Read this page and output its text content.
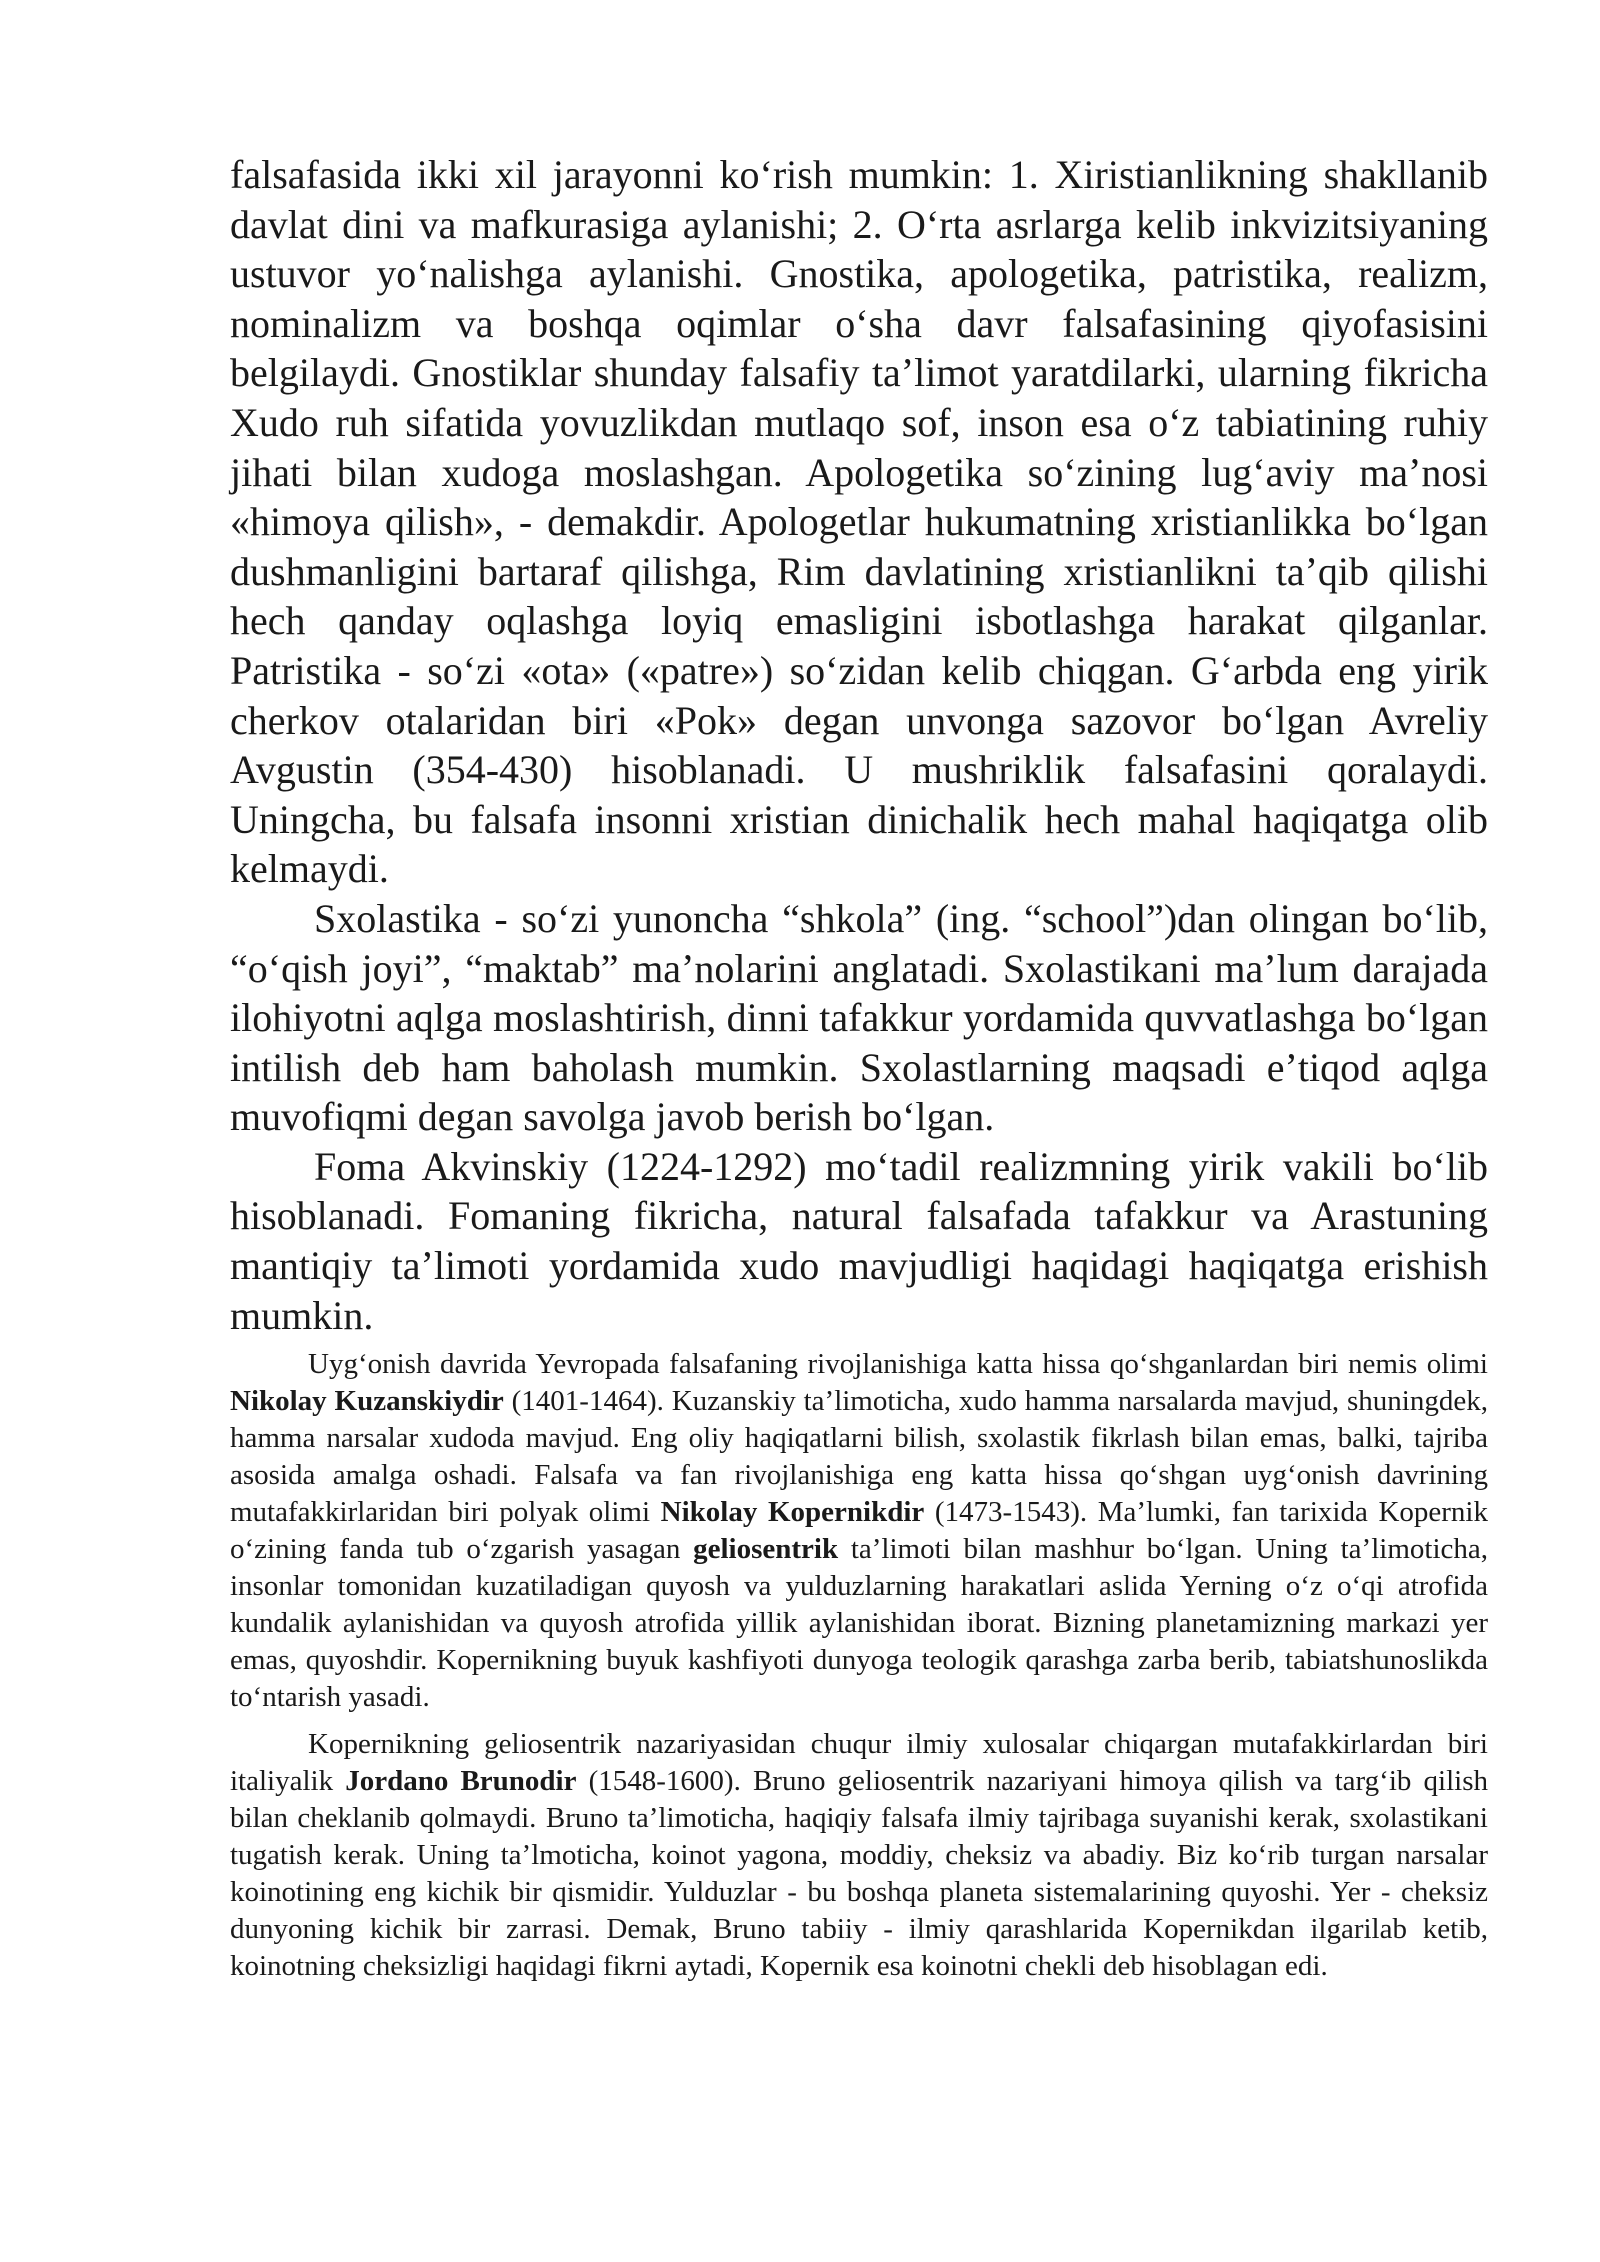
falsafasida ikki xil jarayonni koʻrish mumkin: 1. Xiristianlikning shakllanib davlat dini va mafkurasiga aylanishi; 2. Oʻrta asrlarga kelib inkvizitsiyaning ustuvor yoʻnalishga aylanishi. Gnostika, apologetika, patristika, realizm, nominalizm va boshqa oqimlar oʻsha davr falsafasining qiyofasisini belgilaydi. Gnostiklar shunday falsafiy taʼlimot yaratdilarki, ularning fikricha Xudo ruh sifatida yovuzlikdan mutlaqo sof, inson esa oʻz tabiatining ruhiy jihati bilan xudoga moslashgan. Apologetika soʻzining lugʻaviy maʼnosi «himoya qilish», - demakdir. Apologetlar hukumatning xristianlikka boʻlgan dushmanligini bartaraf qilishga, Rim davlatining xristianlikni taʼqib qilishi hech qanday oqlashga loyiq emasligini isbotlashga harakat qilganlar. Patristika - soʻzi «ota» («patre») soʻzidan kelib chiqgan. Gʻarbda eng yirik cherkov otalaridan biri «Pok» degan unvonga sazovor boʻlgan Avreliy Avgustin (354-430) hisoblanadi. U mushriklik falsafasini qoralaydi. Uningcha, bu falsafa insonni xristian dinichalik hech mahal haqiqatga olib kelmaydi.

Sxolastika - soʻzi yunoncha “shkola” (ing. “school”)dan olingan boʻlib, “oʻqish joyi”, “maktab” maʼnolarini anglatadi. Sxolastikani maʼlum darajada ilohiyotni aqlga moslashtirish, dinni tafakkur yordamida quvvatlashga boʻlgan intilish deb ham baholash mumkin. Sxolastlarning maqsadi eʼtiqod aqlga muvofiqmi degan savolga javob berish boʻlgan.

Foma Akvinskiy (1224-1292) moʻtadil realizmning yirik vakili boʻlib hisoblanadi. Fomaning fikricha, natural falsafada tafakkur va Arastuning mantiqiy taʼlimoti yordamida xudo mavjudligi haqidagi haqiqatga erishish mumkin.

Uygʻonish davrida Yevropada falsafaning rivojlanishiga katta hissa qoʻshganlardan biri nemis olimi Nikolay Kuzanskiydir (1401-1464). Kuzanskiy taʼlimoticha, xudo hamma narsalarda mavjud, shuningdek, hamma narsalar xudoda mavjud. Eng oliy haqiqatlarni bilish, sxolastik fikrlash bilan emas, balki, tajriba asosida amalga oshadi. Falsafa va fan rivojlanishiga eng katta hissa qoʻshgan uygʻonish davrining mutafakkirlaridan biri polyak olimi Nikolay Kopernikdir (1473-1543). Maʼlumki, fan tarixida Kopernik oʻzining fanda tub oʻzgarish yasagan geliosentrik taʼlimoti bilan mashhur boʻlgan. Uning taʼlimoticha, insonlar tomonidan kuzatiladigan quyosh va yulduzlarning harakatlari aslida Yerning oʻz oʻqi atrofida kundalik aylanishidan va quyosh atrofida yillik aylanishidan iborat. Bizning planetamizning markazi yer emas, quyoshdir. Kopernikning buyuk kashfiyoti dunyoga teologik qarashga zarba berib, tabiatshunoslikda toʻntarish yasadi.

Kopernikning geliosentrik nazariyasidan chuqur ilmiy xulosalar chiqargan mutafakkirlardan biri italiyalik Jordano Brunodir (1548-1600). Bruno geliosentrik nazariyani himoya qilish va targʻib qilish bilan cheklanib qolmaydi. Bruno taʼlimoticha, haqiqiy falsafa ilmiy tajribaga suyanishi kerak, sxolastikani tugatish kerak. Uning taʼlmoticha, koinot yagona, moddiy, cheksiz va abadiy. Biz koʻrib turgan narsalar koinotining eng kichik bir qismidir. Yulduzlar - bu boshqa planeta sistemalarining quyoshi. Yer - cheksiz dunyoning kichik bir zarrasi. Demak, Bruno tabiiy - ilmiy qarashlarida Kopernikdan ilgarilab ketib, koinotning cheksizligi haqidagi fikrni aytadi, Kopernik esa koinotni chekli deb hisoblagan edi.
